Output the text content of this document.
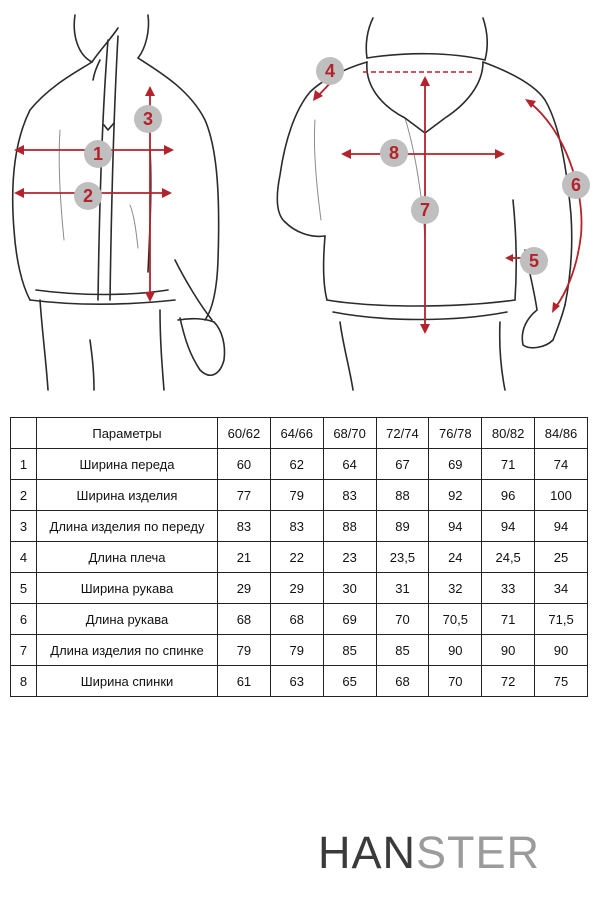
1
2
3
4
5
6
7
8
	Параметры	60/62	64/66	68/70	72/74	76/78	80/82	84/86
1	Ширина переда	60	62	64	67	69	71	74
2	Ширина изделия	77	79	83	88	92	96	100
3	Длина изделия по переду	83	83	88	89	94	94	94
4	Длина плеча	21	22	23	23,5	24	24,5	25
5	Ширина рукава	29	29	30	31	32	33	34
6	Длина рукава	68	68	69	70	70,5	71	71,5
7	Длина изделия по спинке	79	79	85	85	90	90	90
8	Ширина спинки	61	63	65	68	70	72	75
HANSTER
